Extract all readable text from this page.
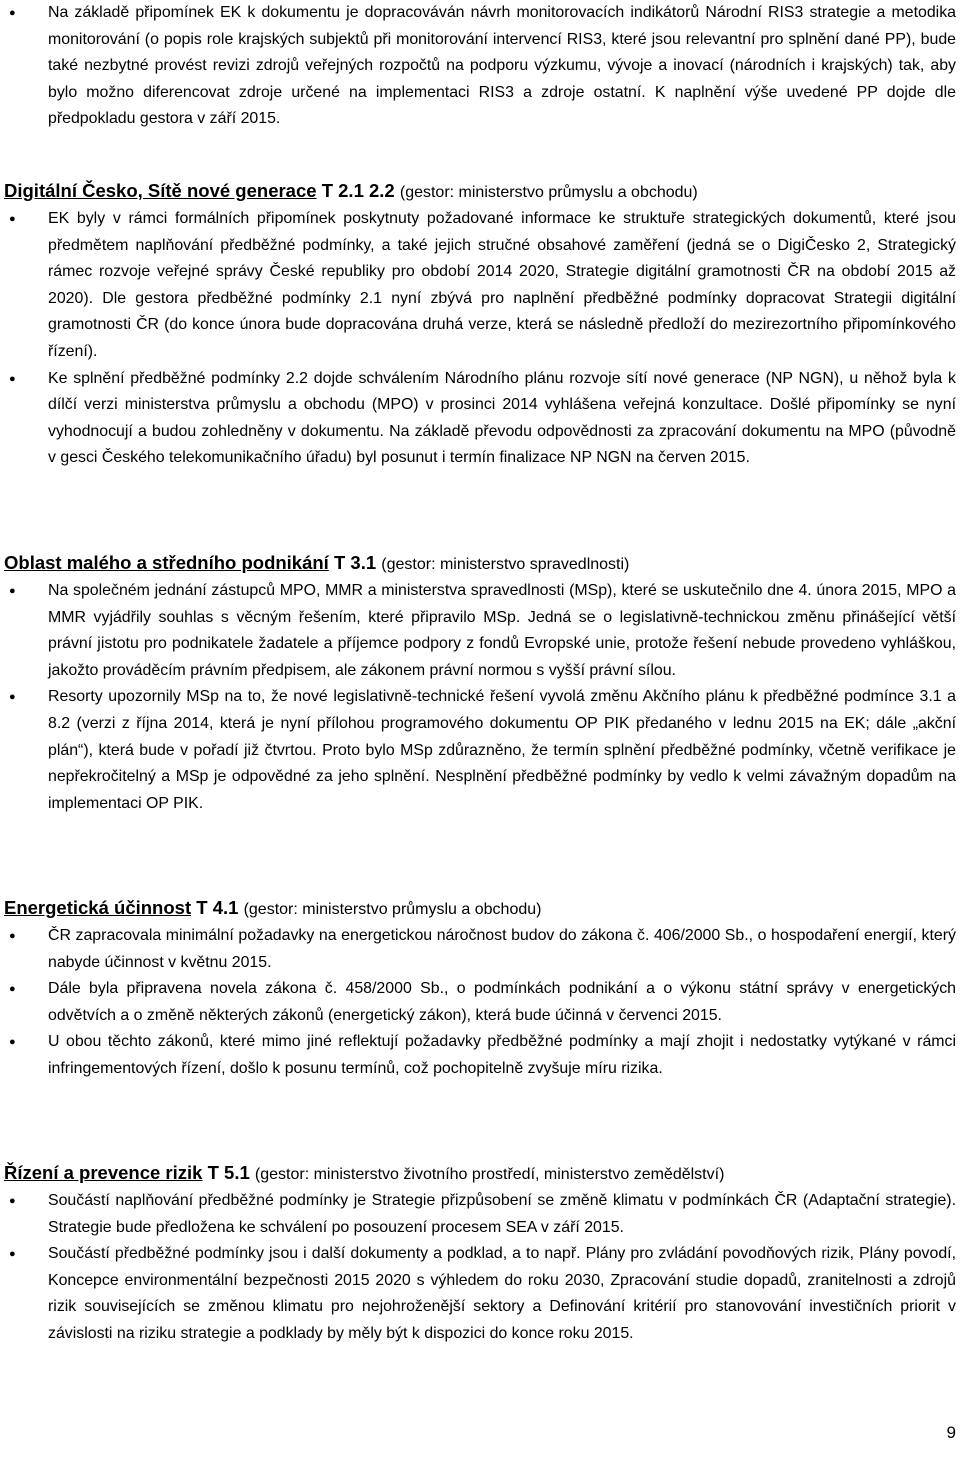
● Na základě připomínek EK k dokumentu je dopracováván návrh monitorovacích indikátorů Národní RIS3 strategie a metodika monitorování (o popis role krajských subjektů při monitorování intervencí RIS3, které jsou relevantní pro splnění dané PP), bude také nezbytné provést revizi zdrojů veřejných rozpočtů na podporu výzkumu, vývoje a inovací (národních i krajských) tak, aby bylo možno diferencovat zdroje určené na implementaci RIS3 a zdroje ostatní. K naplnění výše uvedené PP dojde dle předpokladu gestora v září 2015.

Digitální Česko, Sítě nové generace T 2.1 2.2 (gestor: ministerstvo průmyslu a obchodu)

● EK byly v rámci formálních připomínek poskytnuty požadované informace ke struktuře strategických dokumentů, které jsou předmětem naplňování předběžné podmínky, a také jejich stručné obsahové zaměření (jedná se o DigiČesko 2, Strategický rámec rozvoje veřejné správy České republiky pro období 2014 2020, Strategie digitální gramotnosti ČR na období 2015 až 2020). Dle gestora předběžné podmínky 2.1 nyní zbývá pro naplnění předběžné podmínky dopracovat Strategii digitální gramotnosti ČR (do konce února bude dopracována druhá verze, která se následně předloží do mezirezortního připomínkového řízení).
● Ke splnění předběžné podmínky 2.2 dojde schválením Národního plánu rozvoje sítí nové generace (NP NGN), u něhož byla k dílčí verzi ministerstva průmyslu a obchodu (MPO) v prosinci 2014 vyhlášena veřejná konzultace. Došlé připomínky se nyní vyhodnocují a budou zohledněny v dokumentu. Na základě převodu odpovědnosti za zpracování dokumentu na MPO (původně v gesci Českého telekomunikačního úřadu) byl posunut i termín finalizace NP NGN na červen 2015.

Oblast malého a středního podnikání T 3.1 (gestor: ministerstvo spravedlnosti)

● Na společném jednání zástupců MPO, MMR a ministerstva spravedlnosti (MSp), které se uskutečnilo dne 4. února 2015, MPO a MMR vyjádřily souhlas s věcným řešením, které připravilo MSp. Jedná se o legislativně-technickou změnu přinášející větší právní jistotu pro podnikatele žadatele a příjemce podpory z fondů Evropské unie, protože řešení nebude provedeno vyhláškou, jakožto prováděcím právním předpisem, ale zákonem právní normou s vyšší právní sílou.
● Resorty upozornily MSp na to, že nové legislativně-technické řešení vyvolá změnu Akčního plánu k předběžné podmínce 3.1 a 8.2 (verzi z října 2014, která je nyní přílohou programového dokumentu OP PIK předaného v lednu 2015 na EK; dále „akční plán“), která bude v pořadí již čtvrtou. Proto bylo MSp zdůrazněno, že termín splnění předběžné podmínky, včetně verifikace je nepřekročitelný a MSp je odpovědné za jeho splnění. Nesplnění předběžné podmínky by vedlo k velmi závažným dopadům na implementaci OP PIK.

Energetická účinnost T 4.1 (gestor: ministerstvo průmyslu a obchodu)

● ČR zapracovala minimální požadavky na energetickou náročnost budov do zákona č. 406/2000 Sb., o hospodaření energií, který nabyde účinnost v květnu 2015.
● Dále byla připravena novela zákona č. 458/2000 Sb., o podmínkách podnikání a o výkonu státní správy v energetických odvětvích a o změně některých zákonů (energetický zákon), která bude účinná v červenci 2015.
● U obou těchto zákonů, které mimo jiné reflektují požadavky předběžné podmínky a mají zhojit i nedostatky vytýkané v rámci infringementových řízení, došlo k posunu termínů, což pochopitelně zvyšuje míru rizika.

Řízení a prevence rizik T 5.1 (gestor: ministerstvo životního prostředí, ministerstvo zemědělství)

● Součástí naplňování předběžné podmínky je Strategie přizpůsobení se změně klimatu v podmínkách ČR (Adaptační strategie). Strategie bude předložena ke schválení po posouzení procesem SEA v září 2015.
● Součástí předběžné podmínky jsou i další dokumenty a podklad, a to např. Plány pro zvládání povodňových rizik, Plány povodí, Koncepce environmentální bezpečnosti 2015 2020 s výhledem do roku 2030, Zpracování studie dopadů, zranitelnosti a zdrojů rizik souvisejících se změnou klimatu pro nejohroženější sektory a Definování kritérií pro stanovování investičních priorit v závislosti na riziku strategie a podklady by měly být k dispozici do konce roku 2015.
9
